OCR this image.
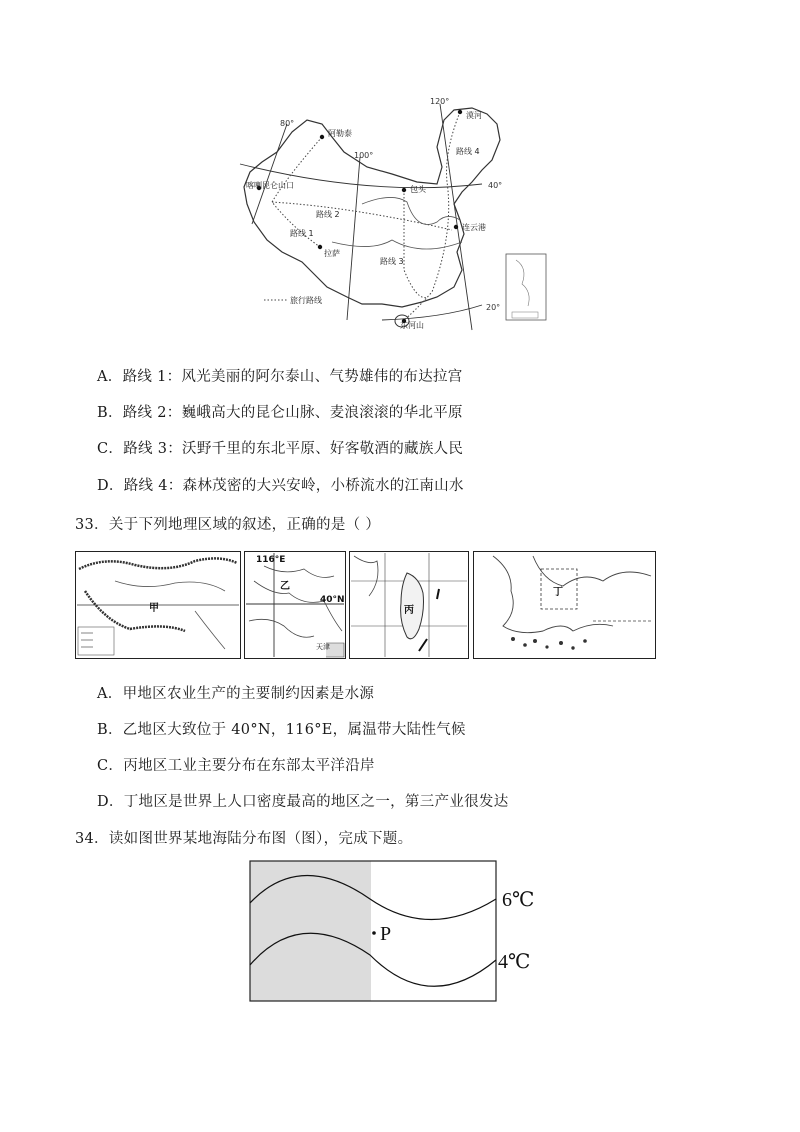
80°
100°
120°
40°
20°
阿勒泰
漠河
喀喇昆仑山口	包头
连云港
拉萨
东河山
路线 1
路线 2
路线 3
路线 4
旅行路线
A．路线 1：风光美丽的阿尔泰山、气势雄伟的布达拉宫
B．路线 2：巍峨高大的昆仑山脉、麦浪滚滚的华北平原
C．路线 3：沃野千里的东北平原、好客敬酒的藏族人民
D．路线 4：森林茂密的大兴安岭，小桥流水的江南山水
33．关于下列地理区域的叙述，正确的是（ ）
甲
116°E
乙
40°N
天津
丙
丁
A．甲地区农业生产的主要制约因素是水源
B．乙地区大致位于 40°N，116°E，属温带大陆性气候
C．丙地区工业主要分布在东部太平洋沿岸
D．丁地区是世界上人口密度最高的地区之一，第三产业很发达
34．读如图世界某地海陆分布图（图），完成下题。
P
6℃
4℃
